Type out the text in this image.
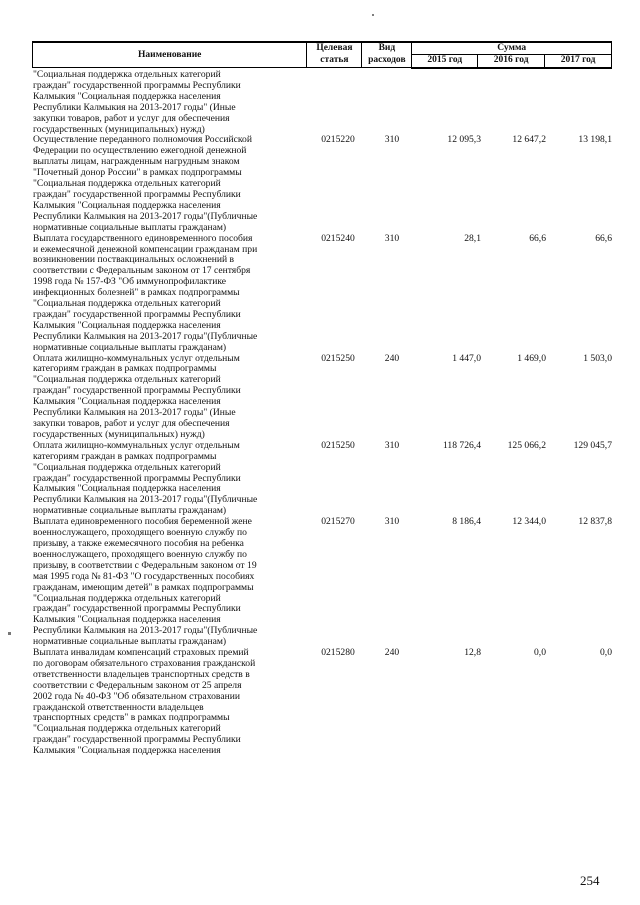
Наименование	Целевая	Вид	Сумма		
	статья	расходов	2015 год	2016 год	2017 год
"Социальная поддержка отдельных категорий
граждан" государственной программы Республики
Калмыкия "Социальная поддержка населения
Республики Калмыкия на 2013-2017 годы" (Иные
закупки товаров, работ и услуг для обеспечения
государственных (муниципальных) нужд)
Осуществление переданного полномочия Российской
Федерации по осуществлению ежегодной денежной
выплаты лицам, награжденным нагрудным знаком
"Почетный донор России" в рамках подпрограммы
"Социальная поддержка отдельных категорий
граждан" государственной программы Республики
Калмыкия "Социальная поддержка населения
Республики Калмыкия на 2013-2017 годы"(Публичные
нормативные социальные выплаты гражданам)
0215220	310	12 095,3	12 647,2	13 198,1
Выплата государственного единовременного пособия
и ежемесячной денежной компенсации гражданам при
возникновении поствакцинальных осложнений в
соответствии с Федеральным законом от 17 сентября
1998 года № 157-ФЗ "Об иммунопрофилактике
инфекционных болезней" в рамках подпрограммы
"Социальная поддержка отдельных категорий
граждан" государственной программы Республики
Калмыкия "Социальная поддержка населения
Республики Калмыкия на 2013-2017 годы"(Публичные
нормативные социальные выплаты гражданам)
0215240	310	28,1	66,6	66,6
Оплата жилищно-коммунальных услуг отдельным
категориям граждан в рамках подпрограммы
"Социальная поддержка отдельных категорий
граждан" государственной программы Республики
Калмыкия "Социальная поддержка населения
Республики Калмыкия на 2013-2017 годы" (Иные
закупки товаров, работ и услуг для обеспечения
государственных (муниципальных) нужд)
0215250	240	1 447,0	1 469,0	1 503,0
Оплата жилищно-коммунальных услуг отдельным
категориям граждан в рамках подпрограммы
"Социальная поддержка отдельных категорий
граждан" государственной программы Республики
Калмыкия "Социальная поддержка населения
Республики Калмыкия на 2013-2017 годы"(Публичные
нормативные социальные выплаты гражданам)
0215250	310	118 726,4	125 066,2	129 045,7
Выплата единовременного пособия беременной жене
военнослужащего, проходящего военную службу по
призыву, а также ежемесячного пособия на ребенка
военнослужащего, проходящего военную службу по
призыву, в соответствии с Федеральным законом от 19
мая 1995 года № 81-ФЗ "О государственных пособиях
гражданам, имеющим детей" в рамках подпрограммы
"Социальная поддержка отдельных категорий
граждан" государственной программы Республики
Калмыкия "Социальная поддержка населения
Республики Калмыкия на 2013-2017 годы"(Публичные
нормативные социальные выплаты гражданам)
0215270	310	8 186,4	12 344,0	12 837,8
Выплата инвалидам компенсаций страховых премий
по договорам обязательного страхования гражданской
ответственности владельцев транспортных средств в
соответствии с Федеральным законом от 25 апреля
2002 года № 40-ФЗ "Об обязательном страховании
гражданской ответственности владельцев
транспортных средств" в рамках подпрограммы
"Социальная поддержка отдельных категорий
граждан" государственной программы Республики
Калмыкия "Социальная поддержка населения
0215280	240	12,8	0,0	0,0
254
